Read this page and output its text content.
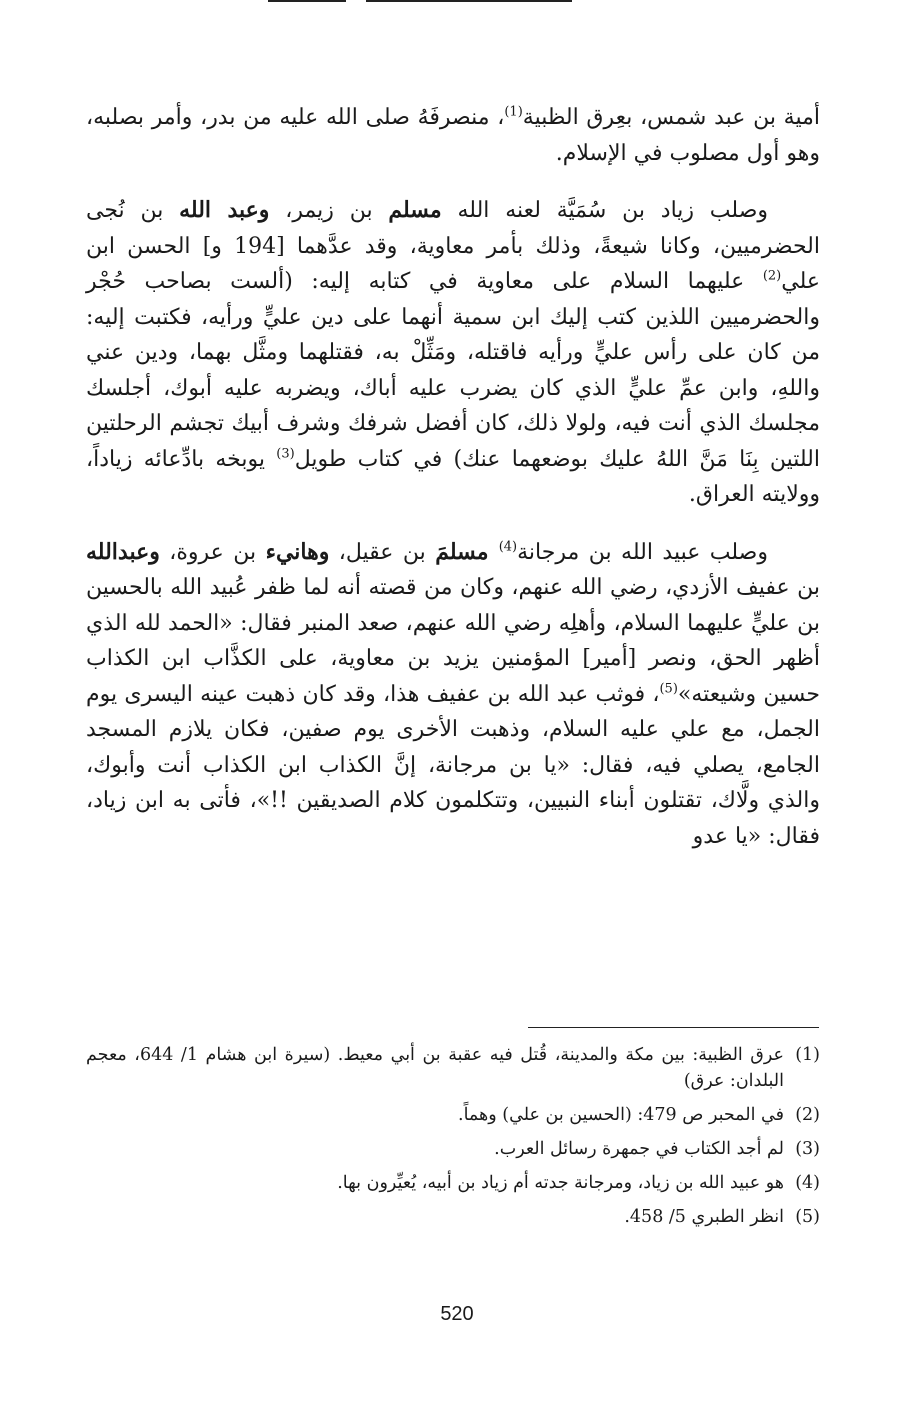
أمية بن عبد شمس، بعِرق الظبية$^{(1)}$، منصرفَهُ صلى الله عليه من بدر، وأمر بصلبه، وهو أول مصلوب في الإسلام.

وصلب زياد بن سُمَيَّة لعنه الله مسلم بن زيمر، وعبد الله بن نُجى الحضرميين، وكانا شيعةً، وذلك بأمر معاوية، وقد عدَّهما [194 و] الحسن ابن علي$^{(2)}$ عليهما السلام على معاوية في كتابه إليه: (ألست بصاحب حُجْر والحضرميين اللذين كتب إليك ابن سمية أنهما على دين عليٍّ ورأيه، فكتبت إليه: من كان على رأس عليٍّ ورأيه فاقتله، ومَثِّلْ به، فقتلهما ومثَّل بهما، ودين عني واللهِ، وابن عمِّ عليٍّ الذي كان يضرب عليه أباك، ويضربه عليه أبوك، أجلسك مجلسك الذي أنت فيه، ولولا ذلك، كان أفضل شرفك وشرف أبيك تجشم الرحلتين اللتين بِنَا مَنَّ اللهُ عليك بوضعهما عنك) في كتاب طويل$^{(3)}$ يوبخه بادِّعائه زياداً، وولايته العراق.

وصلب عبيد الله بن مرجانة$^{(4)}$ مسلمَ بن عقيل، وهانيء بن عروة، وعبدالله بن عفيف الأزدي، رضي الله عنهم، وكان من قصته أنه لما ظفر عُبيد الله بالحسين بن عليٍّ عليهما السلام، وأهلِه رضي الله عنهم، صعد المنبر فقال: «الحمد لله الذي أظهر الحق، ونصر [أمير] المؤمنين يزيد بن معاوية، على الكذَّاب ابن الكذاب حسين وشيعته»$^{(5)}$، فوثب عبد الله بن عفيف هذا، وقد كان ذهبت عينه اليسرى يوم الجمل، مع علي عليه السلام، وذهبت الأخرى يوم صفين، فكان يلازم المسجد الجامع، يصلي فيه، فقال: «يا بن مرجانة، إنَّ الكذاب ابن الكذاب أنت وأبوك، والذي ولَّاك، تقتلون أبناء النبيين، وتتكلمون كلام الصديقين !!»، فأتى به ابن زياد، فقال: «يا عدو

(1)
عرق الظبية: بين مكة والمدينة، قُتل فيه عقبة بن أبي معيط. (سيرة ابن هشام 1/ 644، معجم البلدان: عرق)
(2)
في المحبر ص 479: (الحسين بن علي) وهماً.
(3)
لم أجد الكتاب في جمهرة رسائل العرب.
(4)
هو عبيد الله بن زياد، ومرجانة جدته أم زياد بن أبيه، يُعيِّرون بها.
(5)
انظر الطبري 5/ 458.
520
